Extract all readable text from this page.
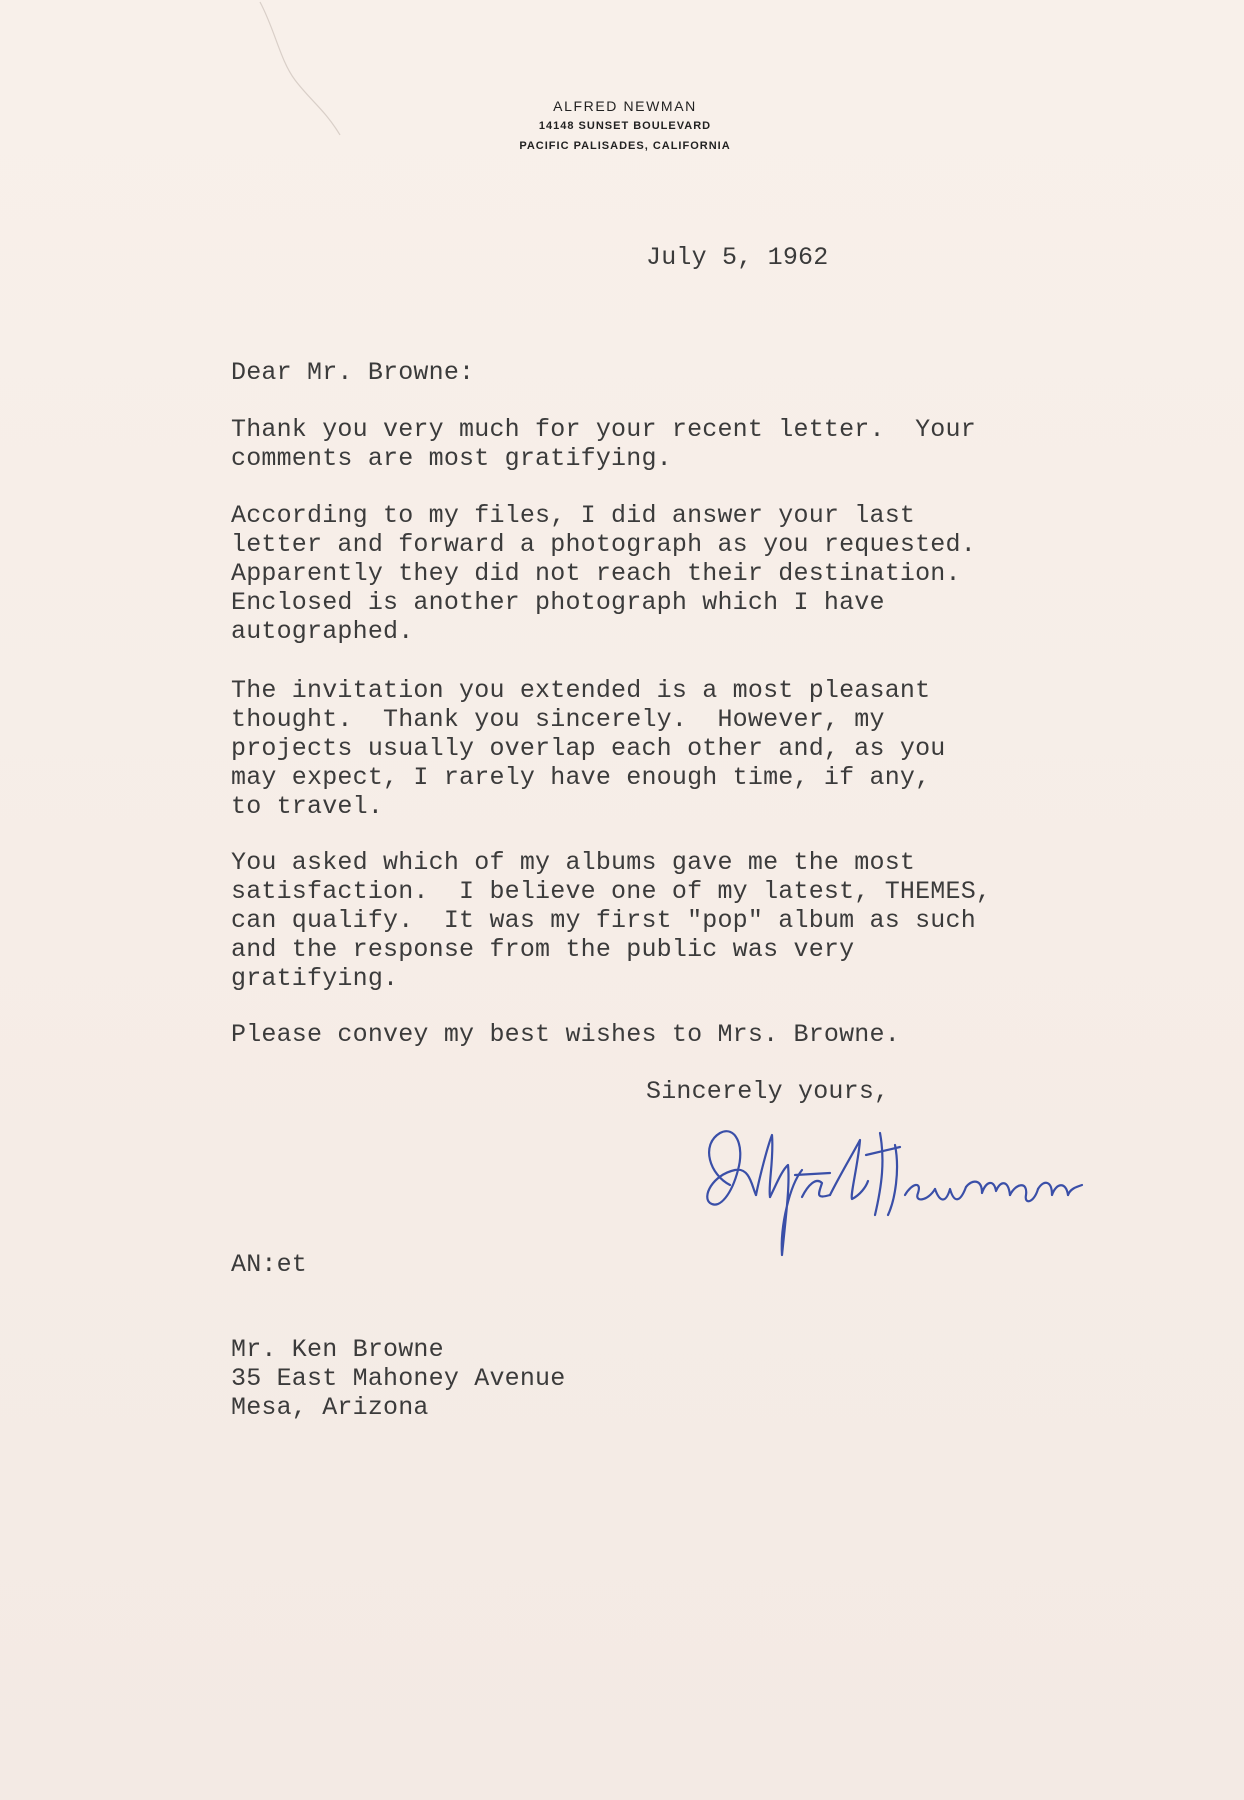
ALFRED NEWMAN
14148 SUNSET BOULEVARD
PACIFIC PALISADES, CALIFORNIA
July 5, 1962
Dear Mr. Browne:
Thank you very much for your recent letter.  Your
comments are most gratifying.
According to my files, I did answer your last
letter and forward a photograph as you requested.
Apparently they did not reach their destination.
Enclosed is another photograph which I have
autographed.
The invitation you extended is a most pleasant
thought.  Thank you sincerely.  However, my
projects usually overlap each other and, as you
may expect, I rarely have enough time, if any,
to travel.
You asked which of my albums gave me the most
satisfaction.  I believe one of my latest, THEMES,
can qualify.  It was my first "pop" album as such
and the response from the public was very
gratifying.
Please convey my best wishes to Mrs. Browne.
Sincerely yours,
AN:et
Mr. Ken Browne
35 East Mahoney Avenue
Mesa, Arizona
